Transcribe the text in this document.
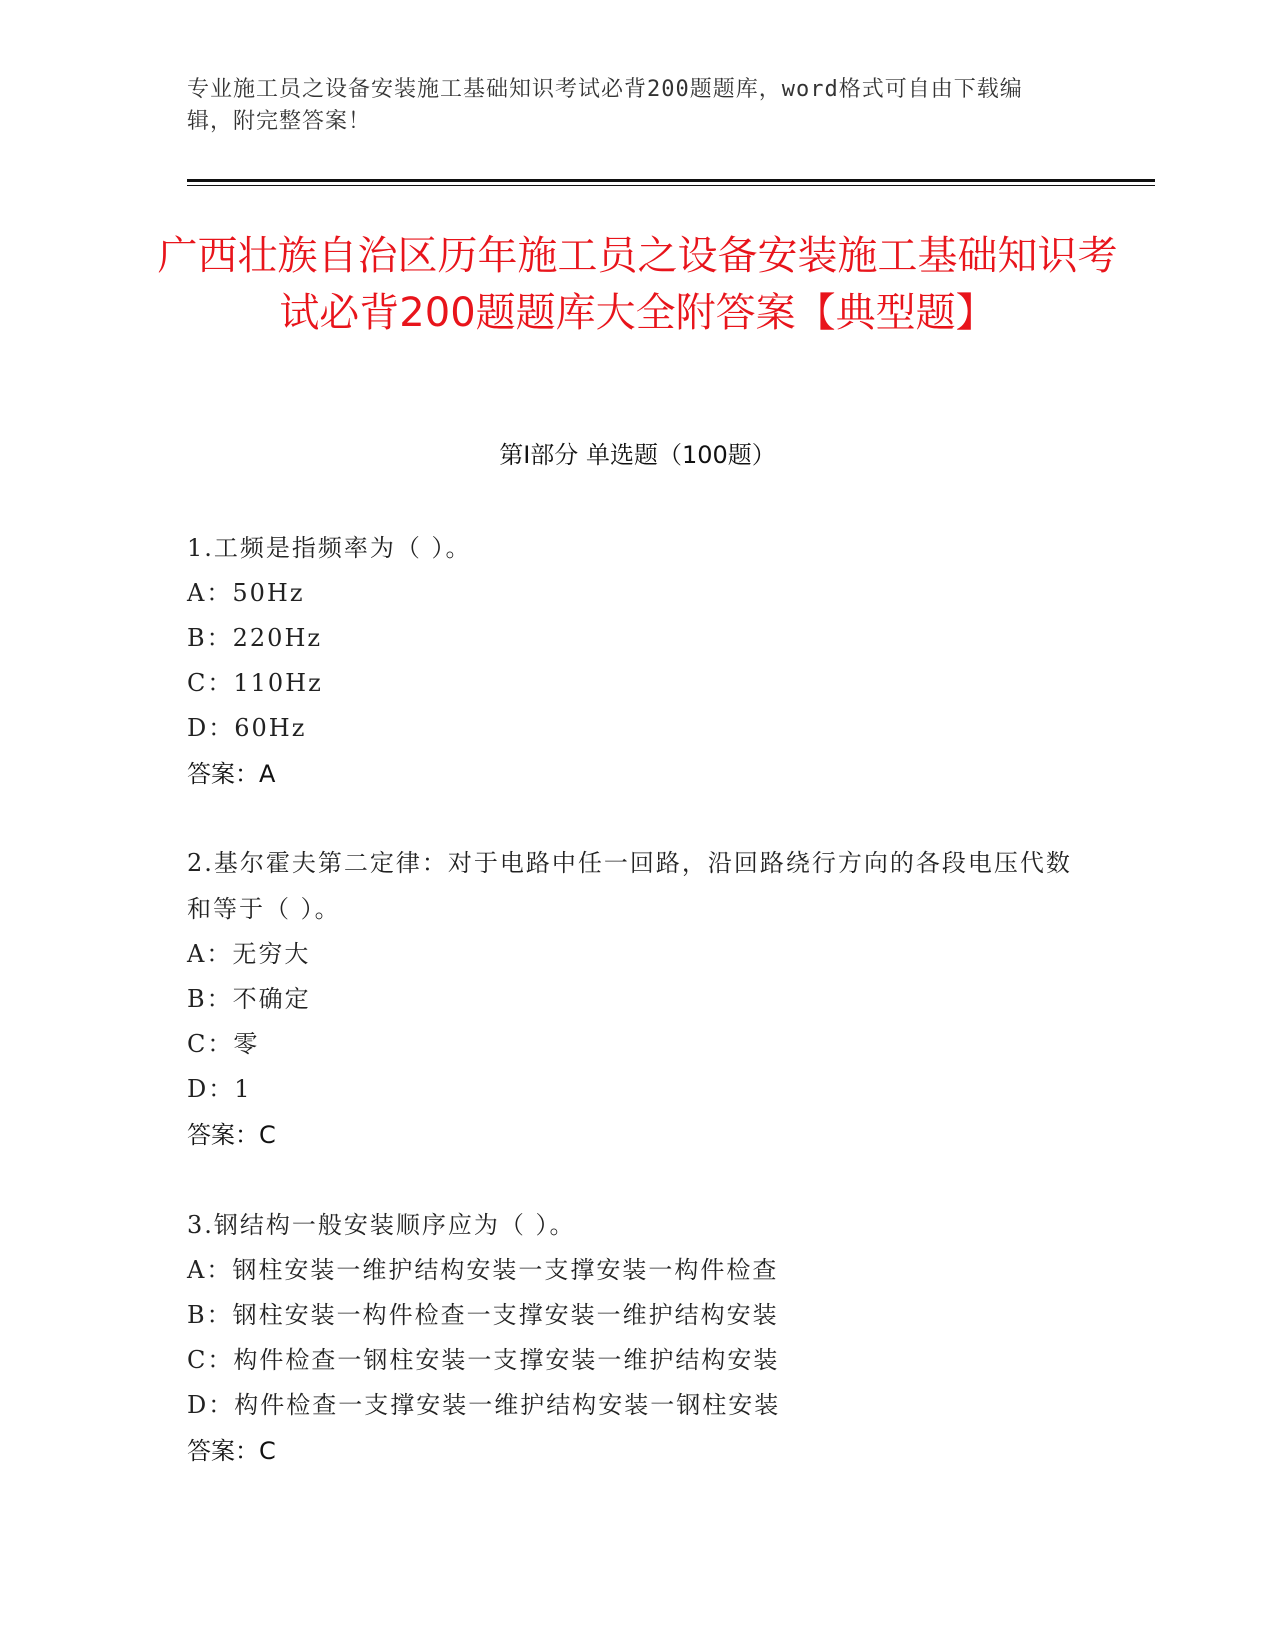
专业施工员之设备安装施工基础知识考试必背200题题库，word格式可自由下载编辑，附完整答案！
广西壮族自治区历年施工员之设备安装施工基础知识考试必背200题题库大全附答案【典型题】
第Ⅰ部分 单选题（100题）

1.工频是指频率为（ ）。

A：50Hz

B：220Hz

C：110Hz

D：60Hz

答案：A

2.基尔霍夫第二定律：对于电路中任一回路，沿回路绕行方向的各段电压代数和等于（ ）。

A：无穷大

B：不确定

C：零

D：1

答案：C

3.钢结构一般安装顺序应为（ ）。

A：钢柱安装一维护结构安装一支撑安装一构件检查

B：钢柱安装一构件检查一支撑安装一维护结构安装

C：构件检查一钢柱安装一支撑安装一维护结构安装

D：构件检查一支撑安装一维护结构安装一钢柱安装

答案：C
